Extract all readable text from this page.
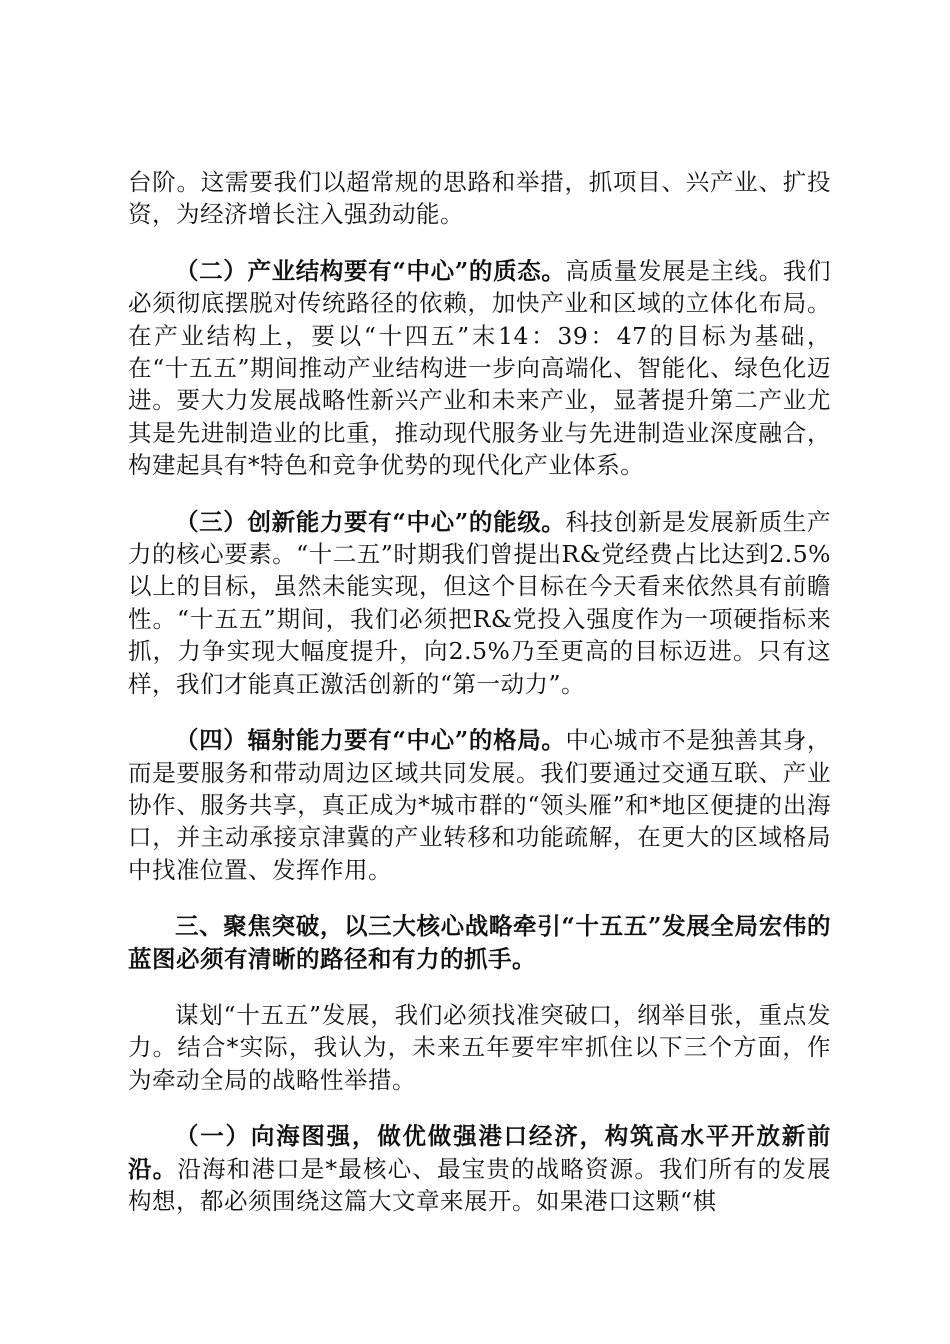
台阶。这需要我们以超常规的思路和举措，抓项目、兴产业、扩投资，为经济增长注入强劲动能。

（二）产业结构要有“中心”的质态。高质量发展是主线。我们必须彻底摆脱对传统路径的依赖，加快产业和区域的立体化布局。在产业结构上，要以“十四五”末14：39：47的目标为基础，在“十五五”期间推动产业结构进一步向高端化、智能化、绿色化迈进。要大力发展战略性新兴产业和未来产业，显著提升第二产业尤其是先进制造业的比重，推动现代服务业与先进制造业深度融合，构建起具有*特色和竞争优势的现代化产业体系。

（三）创新能力要有“中心”的能级。科技创新是发展新质生产力的核心要素。“十二五”时期我们曾提出R&党经费占比达到2.5%以上的目标，虽然未能实现，但这个目标在今天看来依然具有前瞻性。“十五五”期间，我们必须把R&党投入强度作为一项硬指标来抓，力争实现大幅度提升，向2.5%乃至更高的目标迈进。只有这样，我们才能真正激活创新的“第一动力”。

（四）辐射能力要有“中心”的格局。中心城市不是独善其身，而是要服务和带动周边区域共同发展。我们要通过交通互联、产业协作、服务共享，真正成为*城市群的“领头雁”和*地区便捷的出海口，并主动承接京津冀的产业转移和功能疏解，在更大的区域格局中找准位置、发挥作用。

三、聚焦突破，以三大核心战略牵引“十五五”发展全局宏伟的蓝图必须有清晰的路径和有力的抓手。

谋划“十五五”发展，我们必须找准突破口，纲举目张，重点发力。结合*实际，我认为，未来五年要牢牢抓住以下三个方面，作为牵动全局的战略性举措。

（一）向海图强，做优做强港口经济，构筑高水平开放新前沿。沿海和港口是*最核心、最宝贵的战略资源。我们所有的发展构想，都必须围绕这篇大文章来展开。如果港口这颗“棋
